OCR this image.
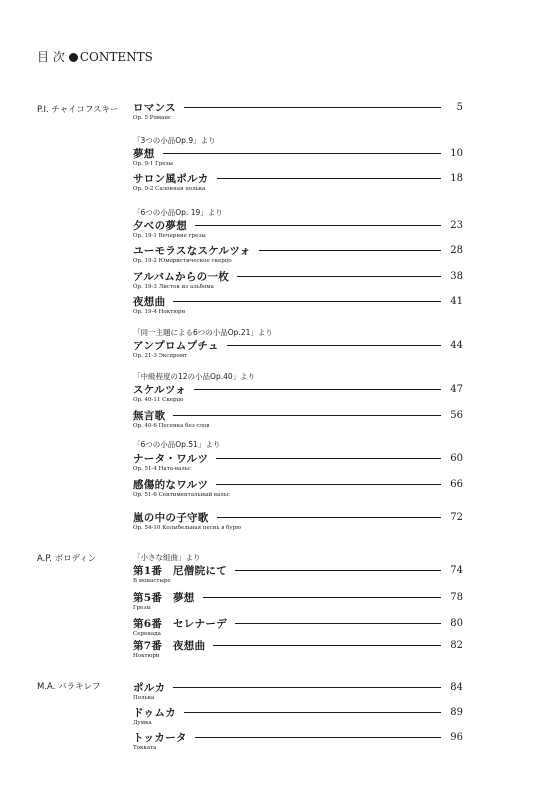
目 次 CONTENTS
P.I. チャイコフスキー ロマンス	5
Op. 5 Романс
「3つの小品Op.9」より
夢想	10
Op. 9-1 Грезы
サロン風ポルカ	18
Op. 9-2 Салонная полька
「6つの小品Op. 19」より
夕べの夢想	23
Op. 19-1 Вечерние грезы
ユーモラスなスケルツォ	28
Op. 19-2 Юмористическое скерцо
アルバムからの一枚	38
Op. 19-3 Листок из альбома
夜想曲	41
Op. 19-4 Ноктюрн
「同一主題による6つの小品Op.21」より
アンプロムプチュ	44
Op. 21-3 Экспромт
「中級程度の12の小品Op.40」より
スケルツォ	47
Op. 40-11 Скерцо
無言歌	56
Op. 40-6 Песенка без слов
「6つの小品Op.51」より
ナータ・ワルツ	60
Op. 51-4 Натa-вальс
感傷的なワルツ	66
Op. 51-6 Сентиментальный вальс
嵐の中の子守歌	72
Op. 54-10 Колыбельная песнь в бурю
A.P. ボロディン	「小さな組曲」より
第1番　尼僧院にて	74
В монастыре
第5番　夢想	78
Грезы
第6番　セレナーデ	80
Серенада
第7番　夜想曲	82
Ноктюрн
M.A. バラキレフ	ポルカ	84
Полька
ドゥムカ	89
Думка
トッカータ	96
Токката
